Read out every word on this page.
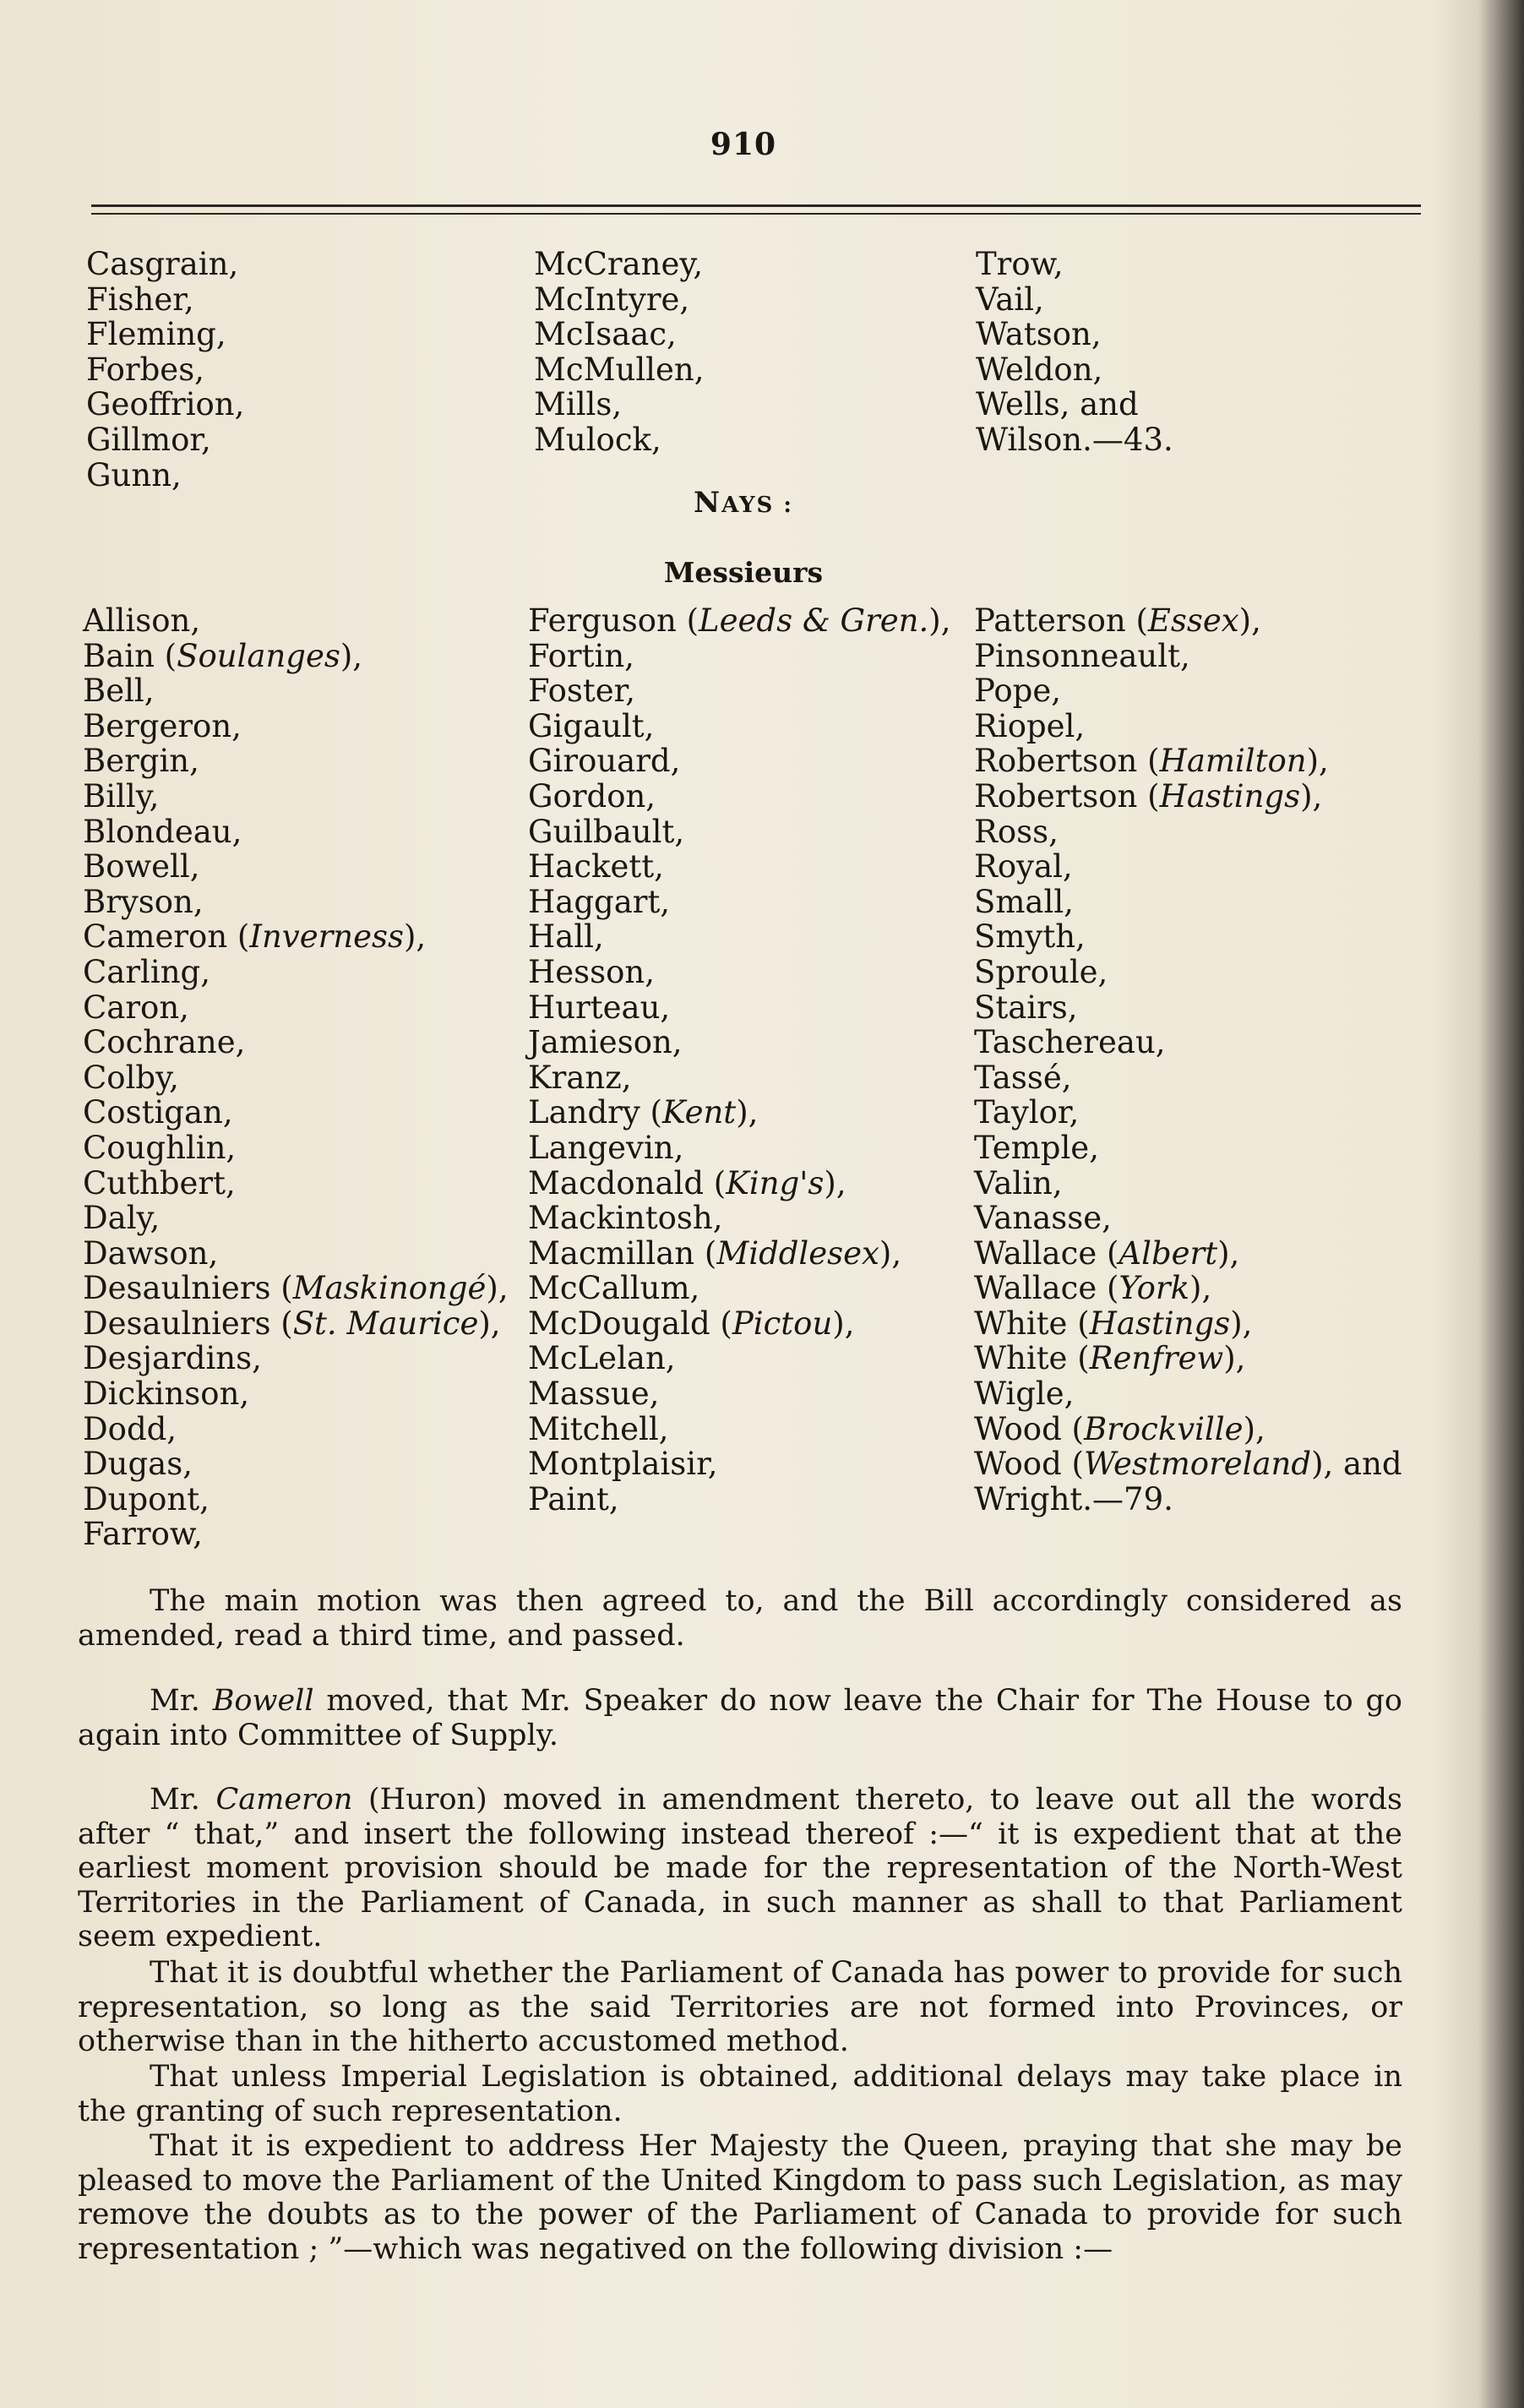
910
Casgrain,
Fisher,
Fleming,
Forbes,
Geoffrion,
Gillmor,
Gunn,
McCraney,
McIntyre,
McIsaac,
McMullen,
Mills,
Mulock,
Trow,
Vail,
Watson,
Weldon,
Wells, and
Wilson.—43.
NAYS :
Messieurs
Allison,
Bain (Soulanges),
Bell,
Bergeron,
Bergin,
Billy,
Blondeau,
Bowell,
Bryson,
Cameron (Inverness),
Carling,
Caron,
Cochrane,
Colby,
Costigan,
Coughlin,
Cuthbert,
Daly,
Dawson,
Desaulniers (Maskinongé),
Desaulniers (St. Maurice),
Desjardins,
Dickinson,
Dodd,
Dugas,
Dupont,
Farrow,
Ferguson (Leeds & Gren.),
Fortin,
Foster,
Gigault,
Girouard,
Gordon,
Guilbault,
Hackett,
Haggart,
Hall,
Hesson,
Hurteau,
Jamieson,
Kranz,
Landry (Kent),
Langevin,
Macdonald (King's),
Mackintosh,
Macmillan (Middlesex),
McCallum,
McDougald (Pictou),
McLelan,
Massue,
Mitchell,
Montplaisir,
Paint,
Patterson (Essex),
Pinsonneault,
Pope,
Riopel,
Robertson (Hamilton),
Robertson (Hastings),
Ross,
Royal,
Small,
Smyth,
Sproule,
Stairs,
Taschereau,
Tassé,
Taylor,
Temple,
Valin,
Vanasse,
Wallace (Albert),
Wallace (York),
White (Hastings),
White (Renfrew),
Wigle,
Wood (Brockville),
Wood (Westmoreland), and
Wright.—79.

The main motion was then agreed to, and the Bill accordingly considered as amended, read a third time, and passed.

Mr. Bowell moved, that Mr. Speaker do now leave the Chair for The House to go again into Committee of Supply.

Mr. Cameron (Huron) moved in amendment thereto, to leave out all the words after “ that,” and insert the following instead thereof :—“ it is expedient that at the earliest moment provision should be made for the representation of the North-West Territories in the Parliament of Canada, in such manner as shall to that Parliament seem expedient.

That it is doubtful whether the Parliament of Canada has power to provide for such representation, so long as the said Territories are not formed into Provinces, or otherwise than in the hitherto accustomed method.

That unless Imperial Legislation is obtained, additional delays may take place in the granting of such representation.

That it is expedient to address Her Majesty the Queen, praying that she may be pleased to move the Parliament of the United Kingdom to pass such Legislation, as may remove the doubts as to the power of the Parliament of Canada to provide for such representation ; ”—which was negatived on the following division :—
